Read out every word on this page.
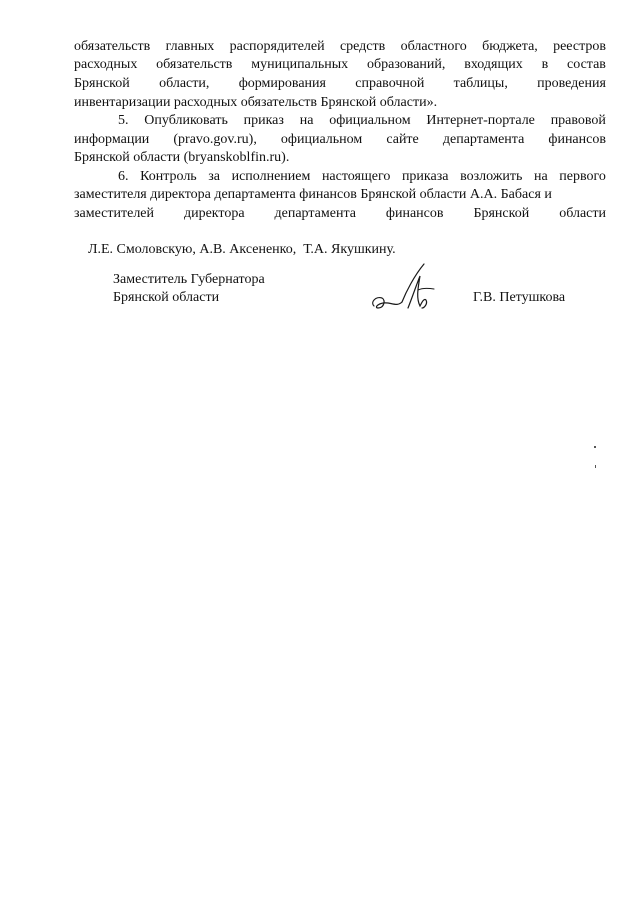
обязательств главных распорядителей средств областного бюджета, реестров
расходных обязательств муниципальных образований, входящих в состав
Брянской области, формирования справочной таблицы, проведения
инвентаризации расходных обязательств Брянской области».
5. Опубликовать приказ на официальном Интернет-портале правовой
информации (pravo.gov.ru), официальном сайте департамента финансов
Брянской области (bryanskoblfin.ru).
6. Контроль за исполнением настоящего приказа возложить на первого
заместителя директора департамента финансов Брянской области А.А. Бабася и
заместителей директора департамента финансов Брянской области

Л.Е. Смоловскую, А.В. Аксененко,  Т.А. Якушкину.

Заместитель Губернатора
Брянской области	Г.В. Петушкова
